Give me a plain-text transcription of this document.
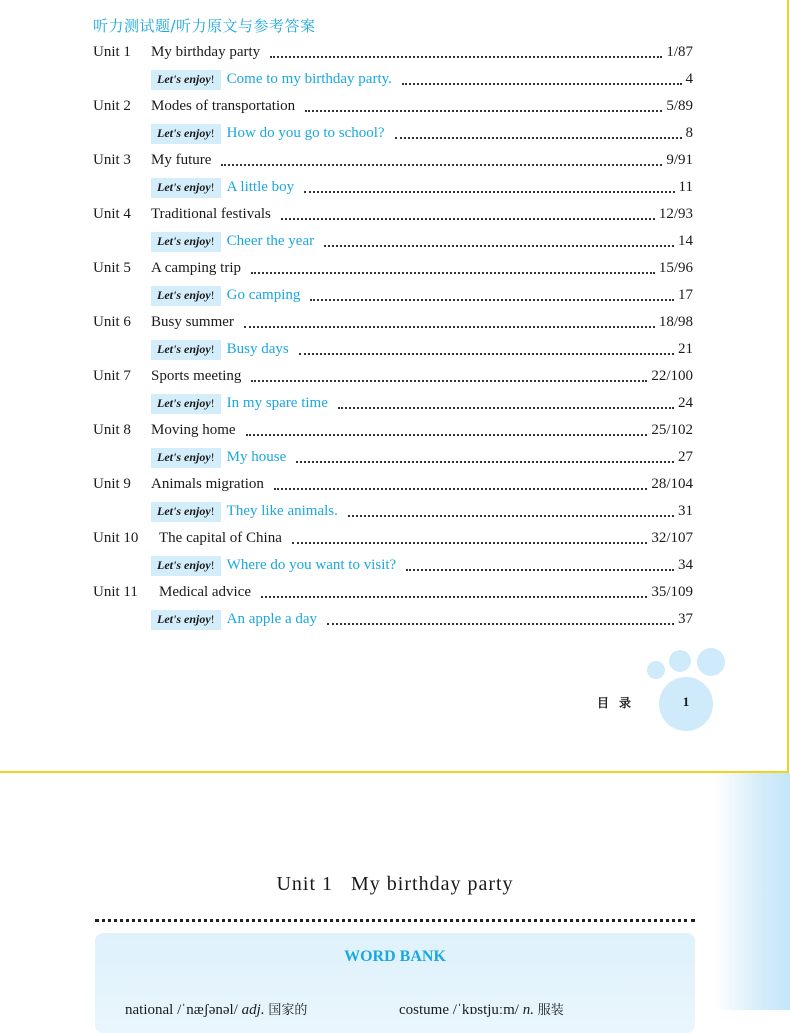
听力测试题/听力原文与参考答案
Unit 1	My birthday party	1/87
Let's enjoy! Come to my birthday party.	4
Unit 2	Modes of transportation	5/89
Let's enjoy! How do you go to school?	8
Unit 3	My future	9/91
Let's enjoy! A little boy	11
Unit 4	Traditional festivals	12/93
Let's enjoy! Cheer the year	14
Unit 5	A camping trip	15/96
Let's enjoy! Go camping	17
Unit 6	Busy summer	18/98
Let's enjoy! Busy days	21
Unit 7	Sports meeting	22/100
Let's enjoy! In my spare time	24
Unit 8	Moving home	25/102
Let's enjoy! My house	27
Unit 9	Animals migration	28/104
Let's enjoy! They like animals.	31
Unit 10	The capital of China	32/107
Let's enjoy! Where do you want to visit?	34
Unit 11	Medical advice	35/109
Let's enjoy! An apple a day	37
目录	1
Unit 1   My birthday party
WORD BANK
national /ˈnæʃənəl/ adj. 国家的	costume /ˈkɒstjuːm/ n. 服装
